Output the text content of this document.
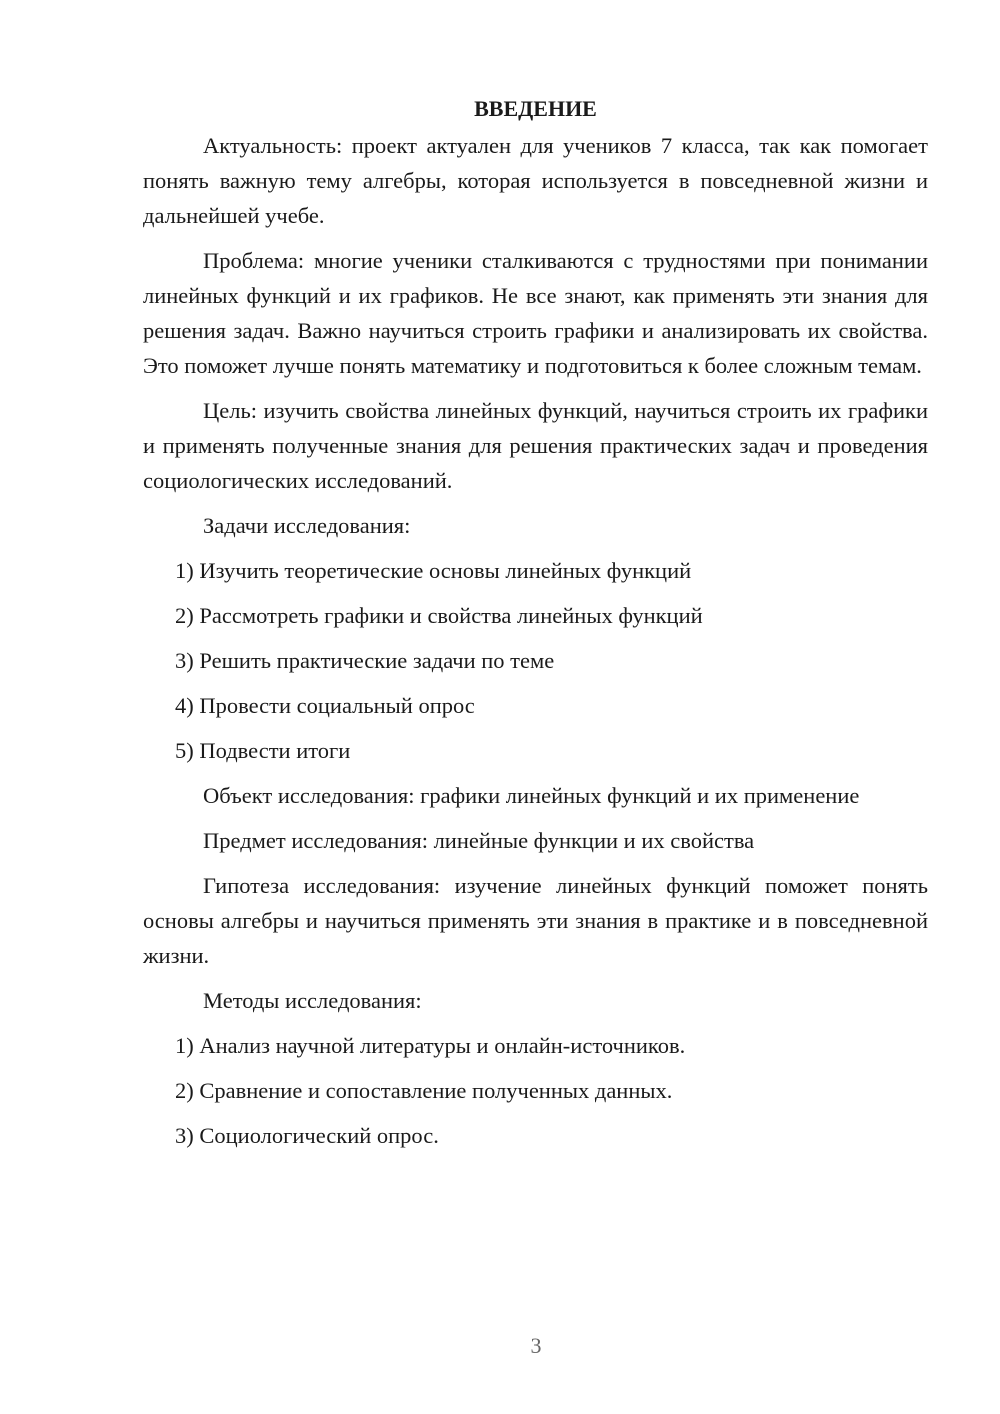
ВВЕДЕНИЕ
Актуальность: проект актуален для учеников 7 класса, так как помогает понять важную тему алгебры, которая используется в повседневной жизни и дальнейшей учебе.
Проблема: многие ученики сталкиваются с трудностями при понимании линейных функций и их графиков. Не все знают, как применять эти знания для решения задач. Важно научиться строить графики и анализировать их свойства. Это поможет лучше понять математику и подготовиться к более сложным темам.
Цель: изучить свойства линейных функций, научиться строить их графики и применять полученные знания для решения практических задач и проведения социологических исследований.
Задачи исследования:
1) Изучить теоретические основы линейных функций
2) Рассмотреть графики и свойства линейных функций
3) Решить практические задачи по теме
4) Провести социальный опрос
5) Подвести итоги
Объект исследования: графики линейных функций и их применение
Предмет исследования: линейные функции и их свойства
Гипотеза исследования: изучение линейных функций поможет понять основы алгебры и научиться применять эти знания в практике и в повседневной жизни.
Методы исследования:
1) Анализ научной литературы и онлайн-источников.
2) Сравнение и сопоставление полученных данных.
3) Социологический опрос.
3
